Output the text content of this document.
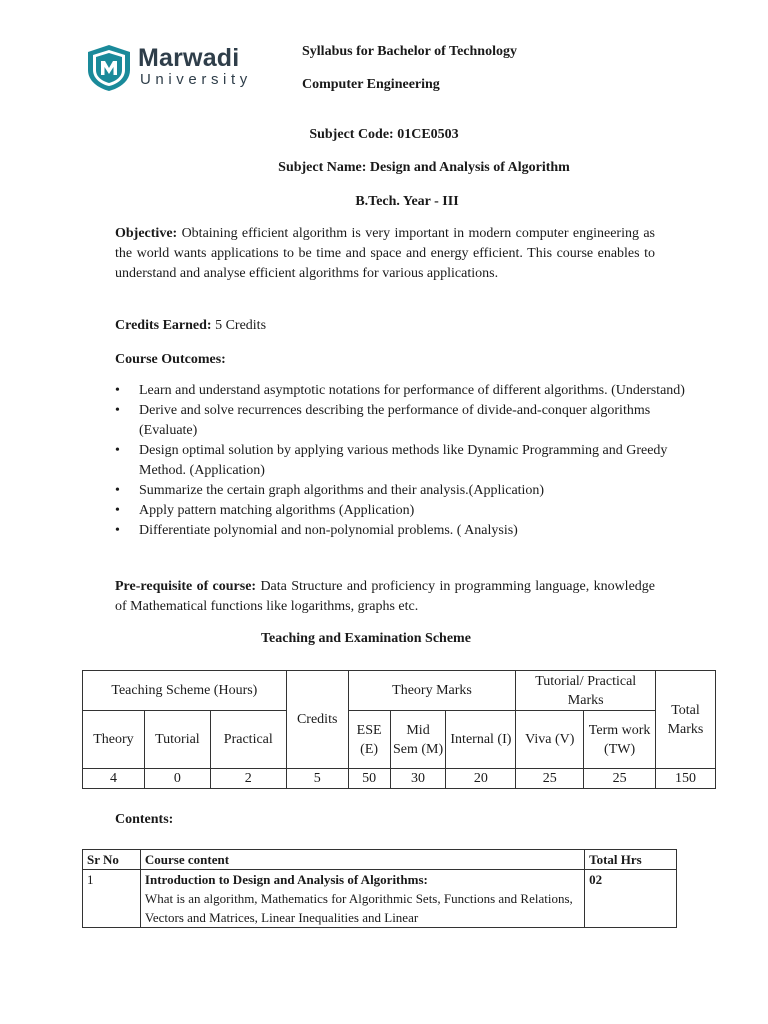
Marwadi
University
Syllabus for Bachelor of Technology
Computer Engineering
Subject Code: 01CE0503
Subject Name: Design and Analysis of Algorithm
B.Tech. Year - III
Objective: Obtaining efficient algorithm is very important in modern computer engineering as the world wants applications to be time and space and energy efficient. This course enables to understand and analyse efficient algorithms for various applications.
Credits Earned: 5 Credits
Course Outcomes:
• Learn and understand asymptotic notations for performance of different algorithms. (Understand)
• Derive and solve recurrences describing the performance of divide-and-conquer algorithms (Evaluate)
• Design optimal solution by applying various methods like Dynamic Programming and Greedy Method. (Application)
• Summarize the certain graph algorithms and their analysis.(Application)
• Apply pattern matching algorithms (Application)
• Differentiate polynomial and non-polynomial problems. ( Analysis)
Pre-requisite of course: Data Structure and proficiency in programming language, knowledge of Mathematical functions like logarithms, graphs etc.
Teaching and Examination Scheme
Teaching Scheme (Hours)			Credits	Theory Marks			Tutorial/ Practical Marks		Total Marks
Theory	Tutorial	Practical		ESE (E)	Mid Sem (M)	Internal (I)	Viva (V)	Term work (TW)	
4	0	2	5	50	30	20	25	25	150
Contents:
Sr No	Course content	Total Hrs
1	Introduction to Design and Analysis of Algorithms:
What is an algorithm, Mathematics for Algorithmic Sets, Functions and Relations, Vectors and Matrices, Linear Inequalities and Linear	02
